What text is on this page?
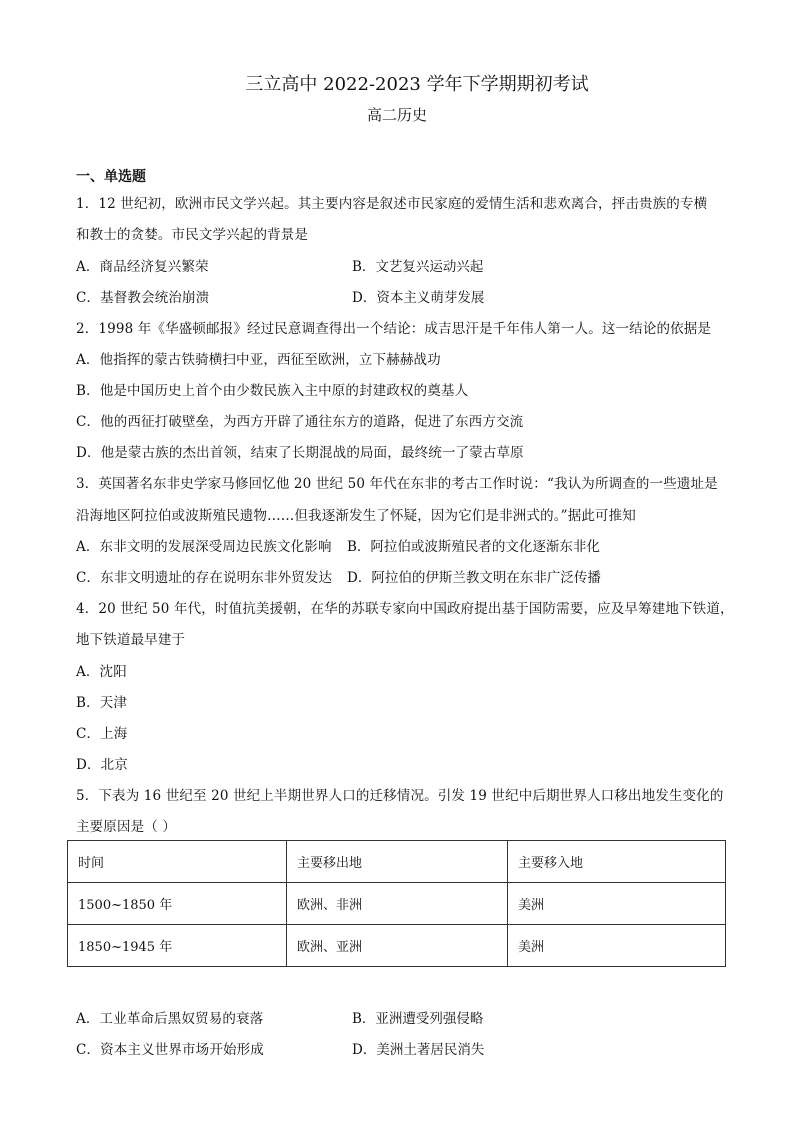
三立高中 2022-2023 学年下学期期初考试
高二历史
一、单选题
1．12 世纪初，欧洲市民文学兴起。其主要内容是叙述市民家庭的爱情生活和悲欢离合，抨击贵族的专横
和教士的贪婪。市民文学兴起的背景是
A．商品经济复兴繁荣	B．文艺复兴运动兴起
C．基督教会统治崩溃	D．资本主义萌芽发展
2．1998 年《华盛顿邮报》经过民意调查得出一个结论：成吉思汗是千年伟人第一人。这一结论的依据是
A．他指挥的蒙古铁骑横扫中亚，西征至欧洲，立下赫赫战功
B．他是中国历史上首个由少数民族入主中原的封建政权的奠基人
C．他的西征打破壁垒，为西方开辟了通往东方的道路，促进了东西方交流
D．他是蒙古族的杰出首领，结束了长期混战的局面，最终统一了蒙古草原
3．英国著名东非史学家马修回忆他 20 世纪 50 年代在东非的考古工作时说：“我认为所调查的一些遗址是
沿海地区阿拉伯或波斯殖民遗物……但我逐渐发生了怀疑，因为它们是非洲式的。”据此可推知
A．东非文明的发展深受周边民族文化影响 B．阿拉伯或波斯殖民者的文化逐渐东非化
C．东非文明遗址的存在说明东非外贸发达 D．阿拉伯的伊斯兰教文明在东非广泛传播
4．20 世纪 50 年代，时值抗美援朝，在华的苏联专家向中国政府提出基于国防需要，应及早筹建地下铁道，
地下铁道最早建于
A．沈阳
B．天津
C．上海
D．北京
5．下表为 16 世纪至 20 世纪上半期世界人口的迁移情况。引发 19 世纪中后期世界人口移出地发生变化的
主要原因是（ ）
时间	主要移出地	主要移入地
1500~1850 年	欧洲、非洲	美洲
1850~1945 年	欧洲、亚洲	美洲
A．工业革命后黑奴贸易的衰落	B．亚洲遭受列强侵略
C．资本主义世界市场开始形成	D．美洲土著居民消失
